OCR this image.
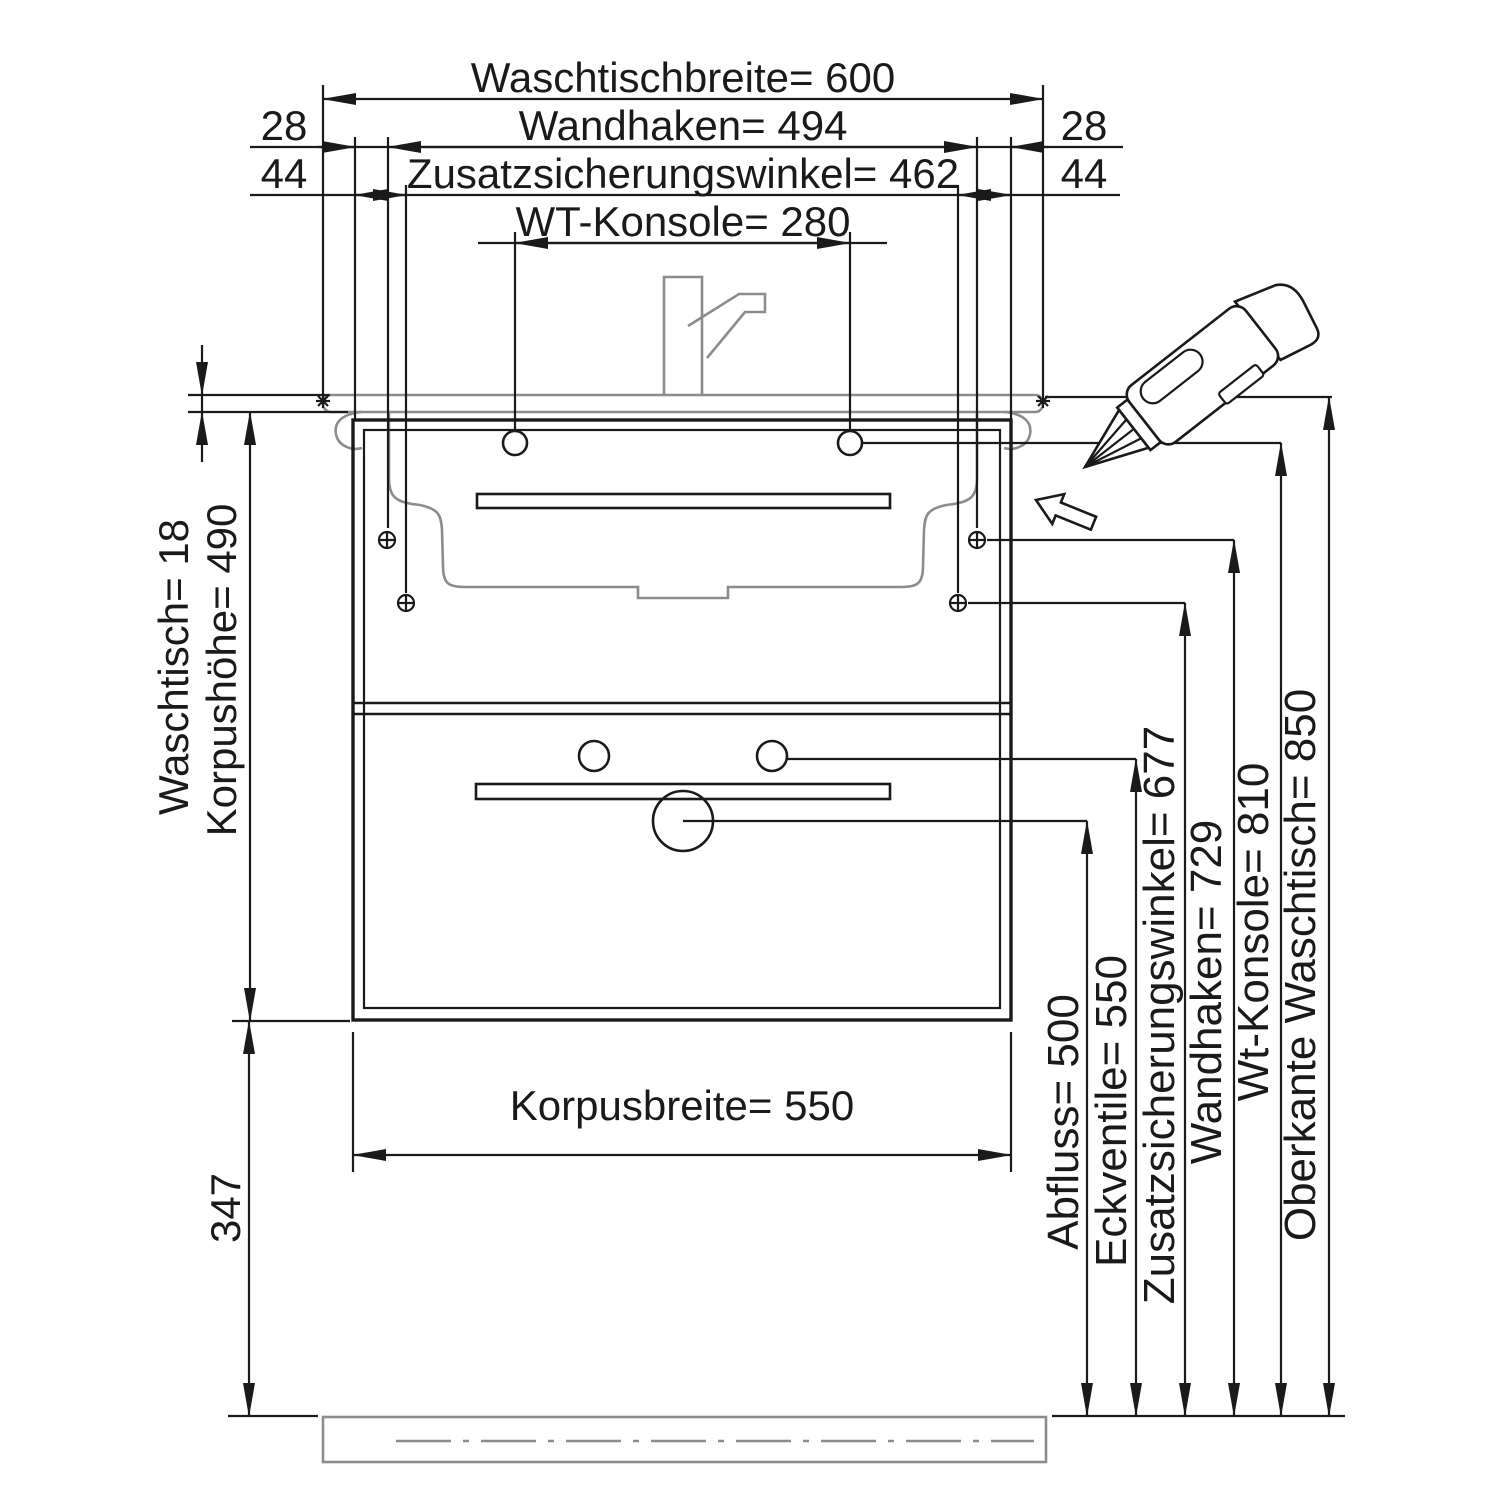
Waschtischbreite= 600
Wandhaken= 494
Zusatzsicherungswinkel= 462
WT-Konsole= 280
28	28
44	44
Waschtisch= 18 Korpushöhe= 490
347
Korpusbreite= 550	Abfluss= 500 Eckventile= 550 Zusatzsicherungswinkel= 677
Wandhaken= 729
Wt-Konsole= 810
Oberkante Waschtisch= 850
